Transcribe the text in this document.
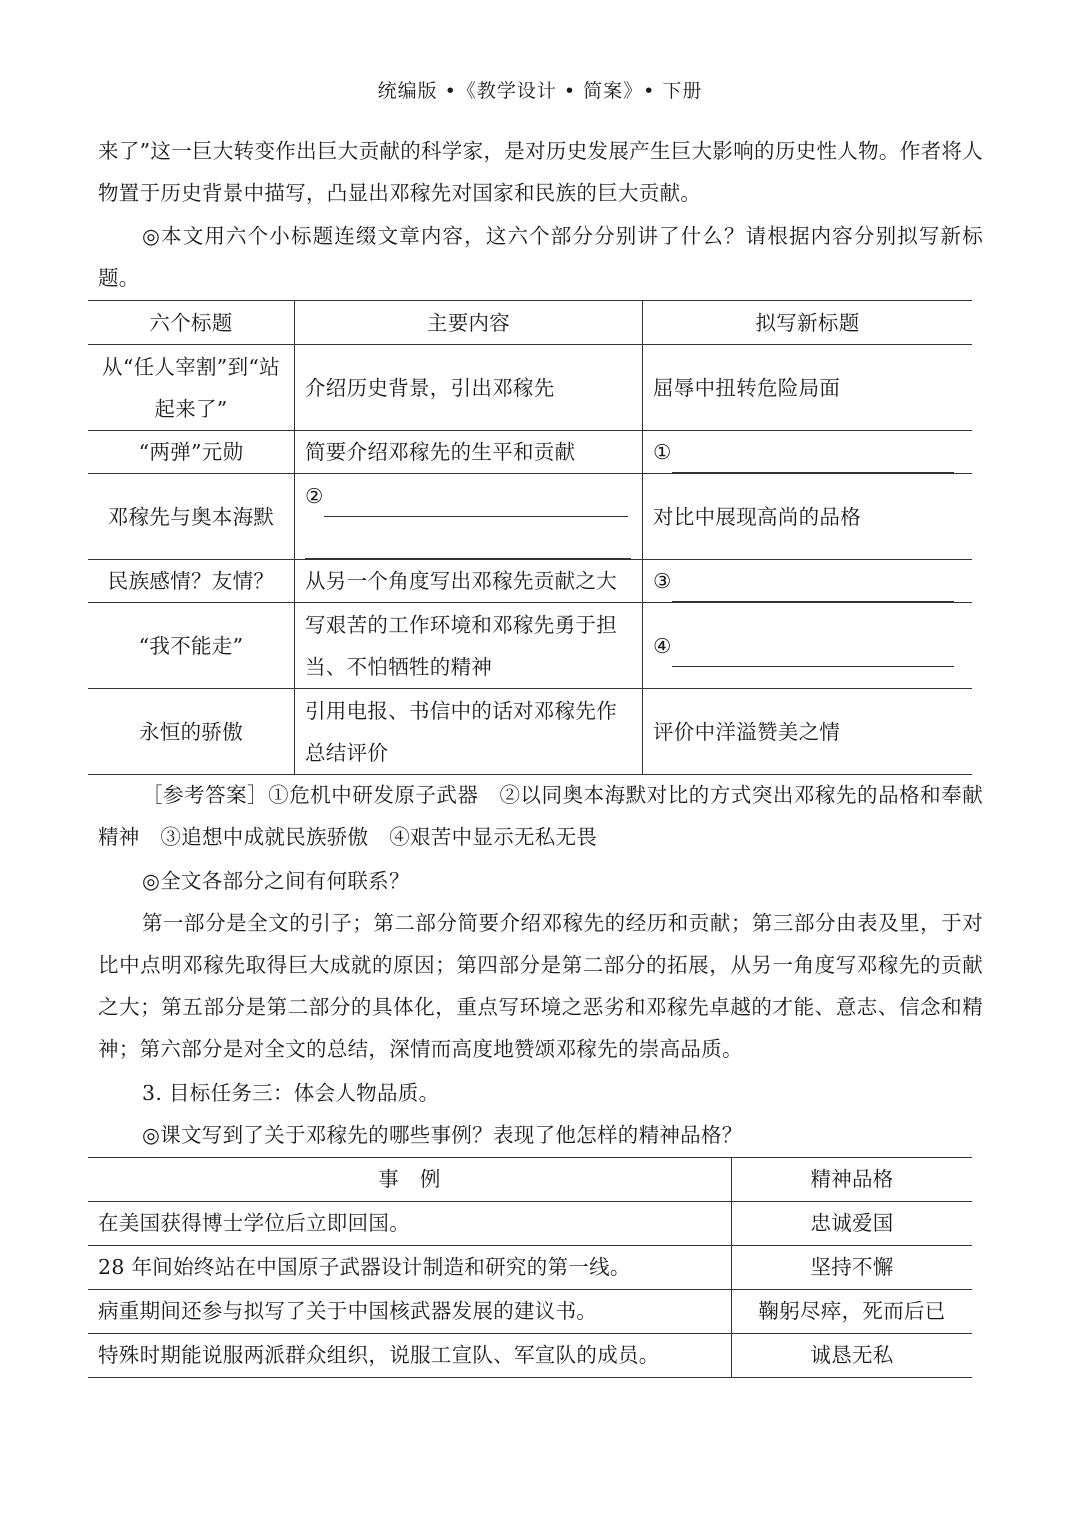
统编版 •《教学设计 • 简案》• 下册

来了”这一巨大转变作出巨大贡献的科学家，是对历史发展产生巨大影响的历史性人物。作者将人物置于历史背景中描写，凸显出邓稼先对国家和民族的巨大贡献。

◎本文用六个小标题连缀文章内容，这六个部分分别讲了什么？请根据内容分别拟写新标题。

六个标题	主要内容	拟写新标题
从“任人宰割”到“站起来了”	介绍历史背景，引出邓稼先	屈辱中扭转危险局面
“两弹”元勋	简要介绍邓稼先的生平和贡献	①
邓稼先与奥本海默	②	对比中展现高尚的品格
民族感情？友情？	从另一个角度写出邓稼先贡献之大	③
“我不能走”	写艰苦的工作环境和邓稼先勇于担当、不怕牺牲的精神	④
永恒的骄傲	引用电报、书信中的话对邓稼先作总结评价	评价中洋溢赞美之情

［参考答案］①危机中研发原子武器　②以同奥本海默对比的方式突出邓稼先的品格和奉献精神　③追想中成就民族骄傲　④艰苦中显示无私无畏

◎全文各部分之间有何联系？

第一部分是全文的引子；第二部分简要介绍邓稼先的经历和贡献；第三部分由表及里，于对比中点明邓稼先取得巨大成就的原因；第四部分是第二部分的拓展，从另一角度写邓稼先的贡献之大；第五部分是第二部分的具体化，重点写环境之恶劣和邓稼先卓越的才能、意志、信念和精神；第六部分是对全文的总结，深情而高度地赞颂邓稼先的崇高品质。

3. 目标任务三：体会人物品质。

◎课文写到了关于邓稼先的哪些事例？表现了他怎样的精神品格？

事　例	精神品格
在美国获得博士学位后立即回国。	忠诚爱国
28 年间始终站在中国原子武器设计制造和研究的第一线。	坚持不懈
病重期间还参与拟写了关于中国核武器发展的建议书。	鞠躬尽瘁，死而后已
特殊时期能说服两派群众组织，说服工宣队、军宣队的成员。	诚恳无私
